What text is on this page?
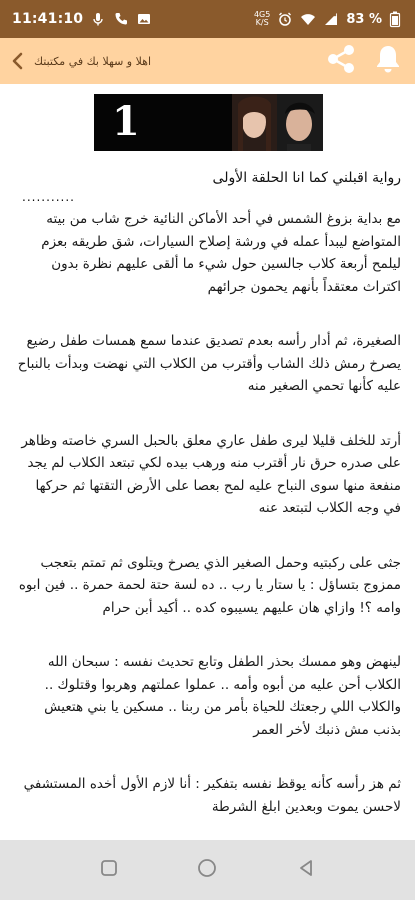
11:41:10	4G5
K/S	83 %
اهلا و سهلا بك في مكتبتك
1
رواية اقبلني كما انا الحلقة الأولى
...........

مع بداية بزوغ الشمس في أحد الأماكن النائية خرج شاب من بيته المتواضع ليبدأ عمله في ورشة إصلاح السيارات، شق طريقه بعزم ليلمح أربعة كلاب جالسين حول شيء ما ألقى عليهم نظرة بدون اكتراث معتقداً بأنهم يحمون جرائهم

الصغيرة، ثم أدار رأسه بعدم تصديق عندما سمع همسات طفل رضيع يصرخ رمش ذلك الشاب وأقترب من الكلاب التي نهضت وبدأت بالنباح عليه كأنها تحمي الصغير منه

أرتد للخلف قليلا ليرى طفل عاري معلق بالحبل السري خاصته وظاهر على صدره حرق نار أقترب منه ورهب بيده لكي تبتعد الكلاب لم يجد منفعة منها سوى النباح عليه لمح بعصا على الأرض التقتها ثم حركها في وجه الكلاب لتبتعد عنه

جثى على ركبتيه وحمل الصغير الذي يصرخ ويتلوى ثم تمتم بتعجب ممزوج بتساؤل : يا ستار يا رب .. ده لسة حتة لحمة حمرة .. فين ابوه وامه ؟! وازاي هان عليهم يسيبوه كده .. أكيد أبن حرام

لينهض وهو ممسك بحذر الطفل وتابع تحديث نفسه : سبحان الله الكلاب أحن عليه من أبوه وأمه .. عملوا عملتهم وهربوا وقتلوك .. والكلاب اللي رجعتك للحياة بأمر من ربنا .. مسكين يا بني هتعيش بذنب مش ذنبك لأخر العمر

ثم هز رأسه كأنه يوقظ نفسه بتفكير : أنا لازم الأول أخده المستشفي لاحسن يموت وبعدين ابلغ الشرطة
